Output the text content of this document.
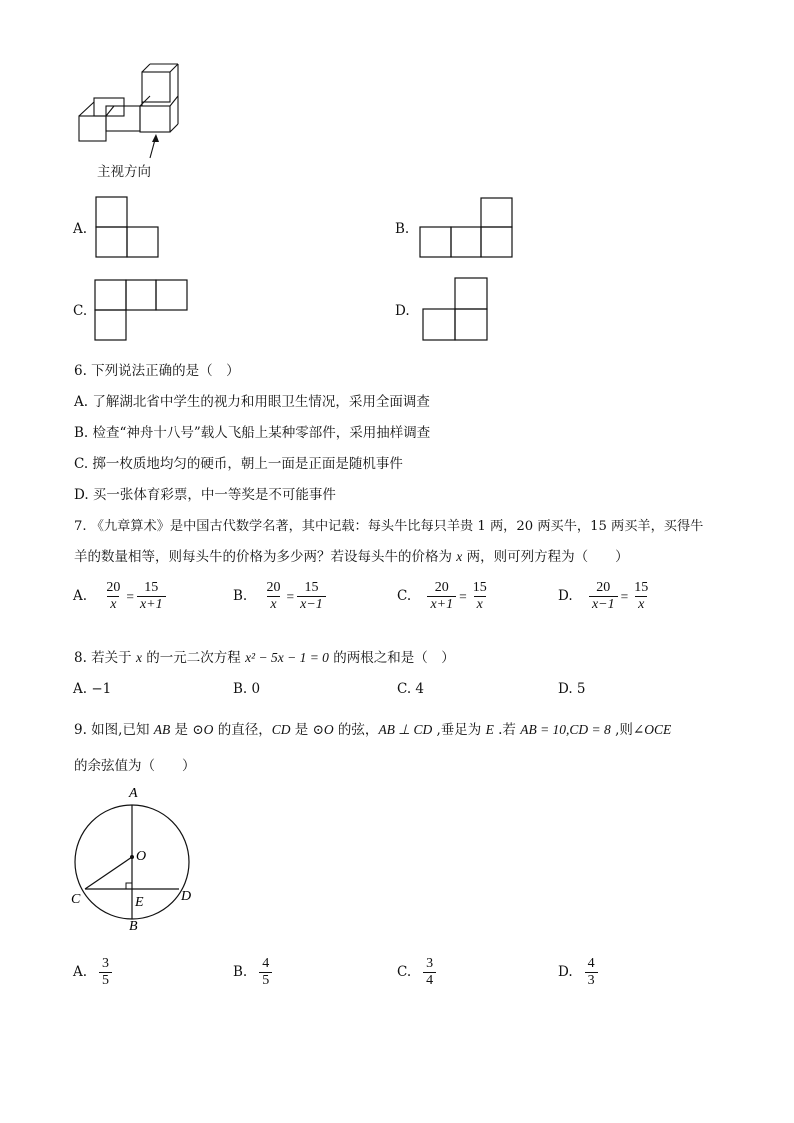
主视方向
A.	B.
C.	D.
6. 下列说法正确的是（　）
A. 了解湖北省中学生的视力和用眼卫生情况，采用全面调查
B. 检查“神舟十八号”载人飞船上某种零部件，采用抽样调查
C. 掷一枚质地均匀的硬币，朝上一面是正面是随机事件
D. 买一张体育彩票，中一等奖是不可能事件
7. 《九章算术》是中国古代数学名著，其中记载：每头牛比每只羊贵 1 两，20 两买牛，15 两买羊，买得牛
羊的数量相等，则每头牛的价格为多少两？若设每头牛的价格为 x 两，则可列方程为（　　）
A. $\frac{20}{x} = \frac{15}{x+1}$	B. $\frac{20}{x} = \frac{15}{x-1}$	C. $\frac{20}{x+1} = \frac{15}{x}$	D. $\frac{20}{x-1} = \frac{15}{x}$
8. 若关于 x 的一元二次方程 x² − 5x − 1 = 0 的两根之和是（　）
A. −1	B. 0	C. 4	D. 5
9. 如图,已知 AB 是 ⊙O 的直径，CD 是 ⊙O 的弦，AB ⊥ CD ,垂足为 E .若 AB = 10,CD = 8 ,则∠OCE
的余弦值为（　　）
A
O
C	D
E
B
A. $\frac{3}{5}$	B. $\frac{4}{5}$	C. $\frac{3}{4}$	D. $\frac{4}{3}$
